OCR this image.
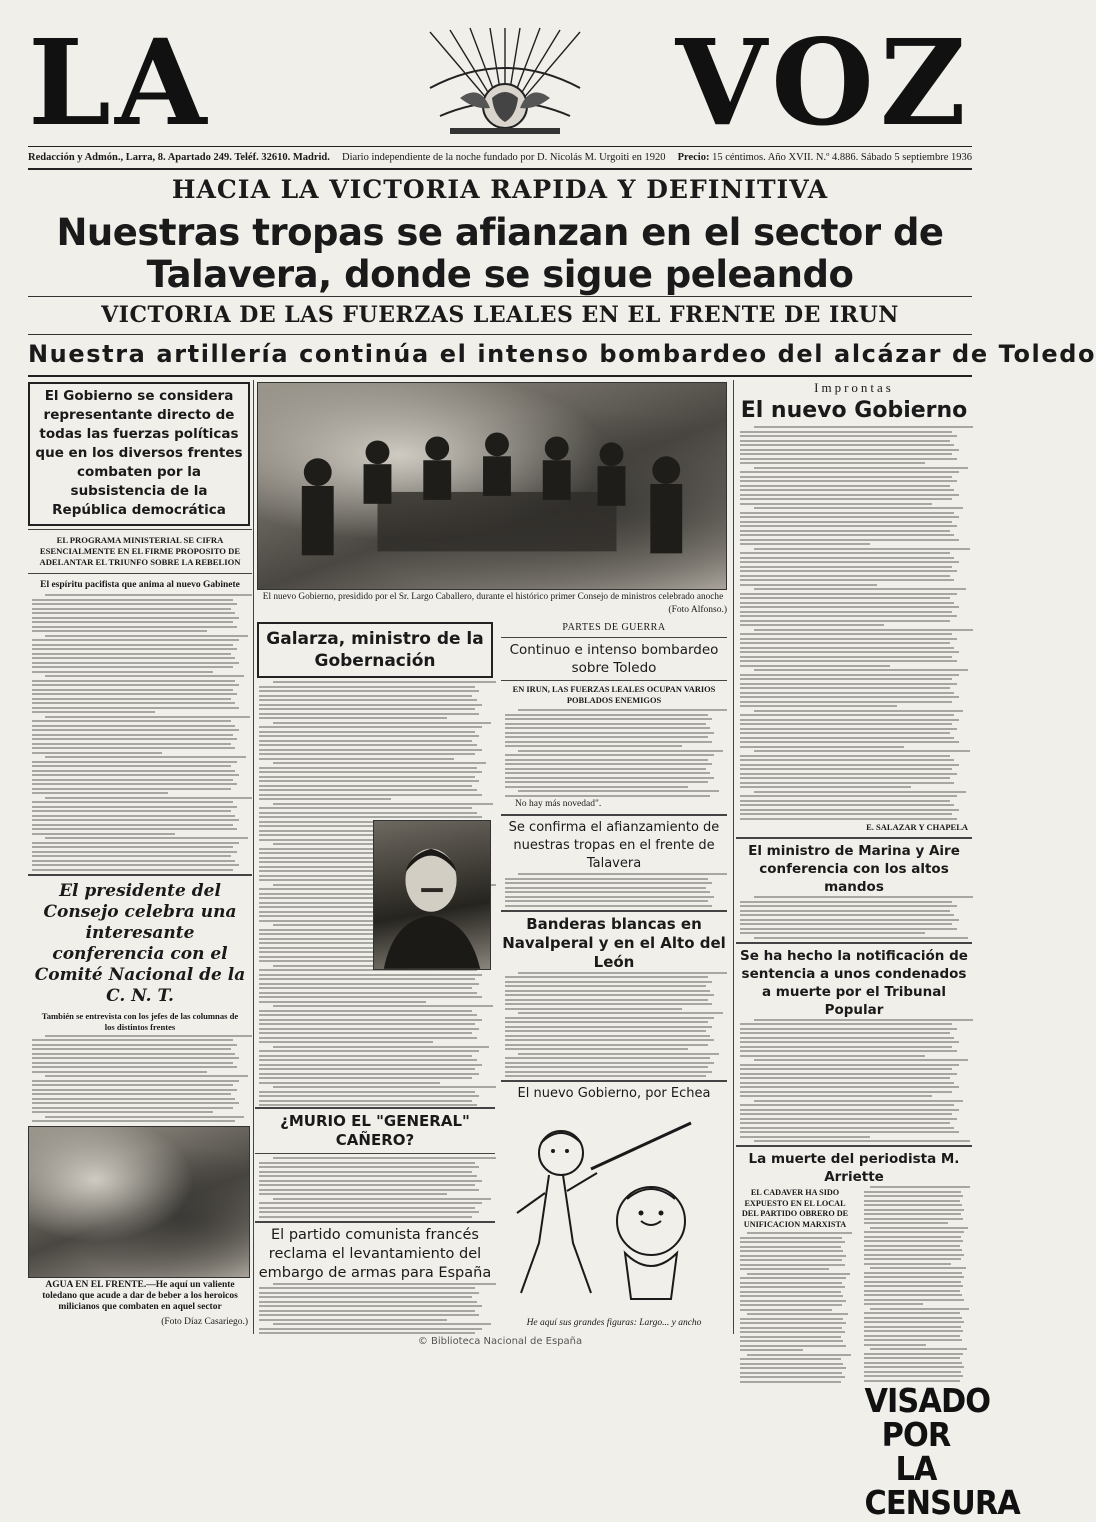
LA	VOZ
Redacción y Admón., Larra, 8. Apartado 249. Teléf. 32610. Madrid. Diario independiente de la noche fundado por D. Nicolás M. Urgoiti en 1920 Precio: 15 céntimos. Año XVII. N.º 4.886. Sábado 5 septiembre 1936
HACIA LA VICTORIA RAPIDA Y DEFINITIVA
Nuestras tropas se afianzan en el sector de Talavera, donde se sigue peleando
VICTORIA DE LAS FUERZAS LEALES EN EL FRENTE DE IRUN
Nuestra artillería continúa el intenso bombardeo del alcázar de Toledo
El Gobierno se considera representante directo de todas las fuerzas políticas que en los diversos frentes combaten por la subsistencia de la República democrática
EL PROGRAMA MINISTERIAL SE CIFRA ESENCIALMENTE EN EL FIRME PROPOSITO DE ADELANTAR EL TRIUNFO SOBRE LA REBELION
El espíritu pacifista que anima al nuevo Gabinete
El presidente del Consejo celebra una interesante conferencia con el Comité Nacional de la C. N. T.
También se entrevista con los jefes de las columnas de los distintos frentes
AGUA EN EL FRENTE.—He aquí un valiente toledano que acude a dar de beber a los heroicos milicianos que combaten en aquel sector
(Foto Díaz Casariego.)
El nuevo Gobierno, presidido por el Sr. Largo Caballero, durante el histórico primer Consejo de ministros celebrado anoche
(Foto Alfonso.)
Galarza, ministro de la Gobernación
PARTES DE GUERRA
Continuo e intenso bombardeo sobre Toledo
EN IRUN, LAS FUERZAS LEALES OCUPAN VARIOS POBLADOS ENEMIGOS
No hay más novedad".
Se confirma el afianzamiento de nuestras tropas en el frente de Talavera
Banderas blancas en Navalperal y en el Alto del León
El nuevo Gobierno, por Echea
He aquí sus grandes figuras: Largo... y ancho
¿MURIO EL "GENERAL" CAÑERO?
El partido comunista francés reclama el levantamiento del embargo de armas para España
Improntas
El nuevo Gobierno
E. SALAZAR Y CHAPELA
El ministro de Marina y Aire conferencia con los altos mandos
Se ha hecho la notificación de sentencia a unos condenados a muerte por el Tribunal Popular
La muerte del periodista M. Arriette
EL CADAVER HA SIDO EXPUESTO EN EL LOCAL DEL PARTIDO OBRERO DE UNIFICACION MARXISTA
VISADO POR LA CENSURA
© Biblioteca Nacional de España
